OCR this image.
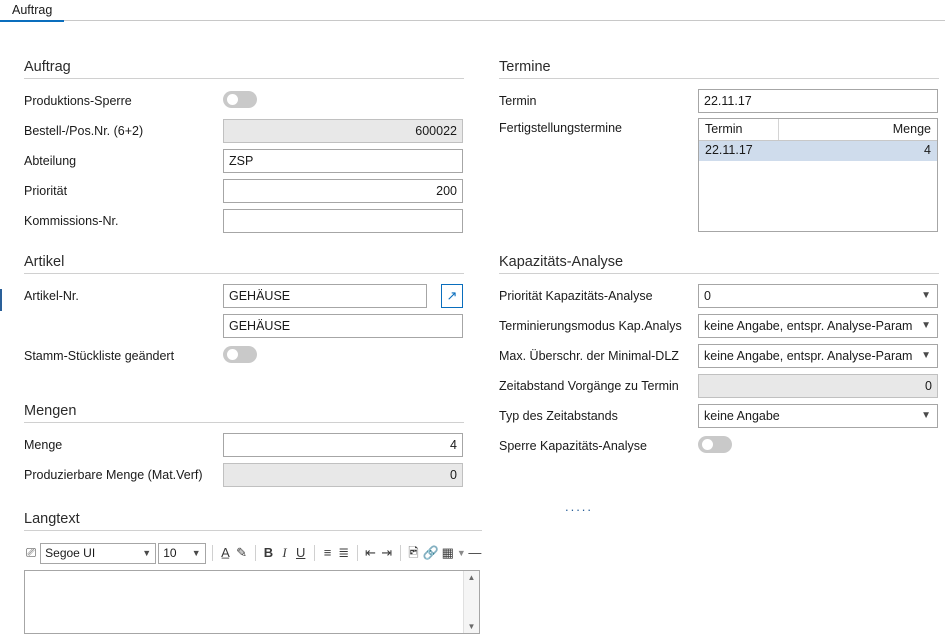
Auftrag
Auftrag
Produktions-Sperre
Bestell-/Pos.Nr. (6+2)	600022
Abteilung	ZSP
Priorität	200
Kommissions-Nr.
Artikel
Artikel-Nr.	GEHÄUSE	↗
GEHÄUSE
Stamm-Stückliste geändert
Mengen
Menge	4
Produzierbare Menge (Mat.Verf)	0
Langtext
⎚ Segoe UI	▼	10 ▼ A̲ ✎ B I U ≡ ≣ ⇤ ⇥ 🖻 🔗 ▦ ▼ —
▲
▼
Termine
Termin	22.11.17
Fertigstellungstermine	Termin	Menge
22.11.17	4
Kapazitäts-Analyse
Priorität Kapazitäts-Analyse	0	▼
Terminierungsmodus Kap.Analys	keine Angabe, entspr. Analyse-Param ▼
Max. Überschr. der Minimal-DLZ	keine Angabe, entspr. Analyse-Param ▼
Zeitabstand Vorgänge zu Termin	0
Typ des Zeitabstands	keine Angabe	▼
Sperre Kapazitäts-Analyse
.....
